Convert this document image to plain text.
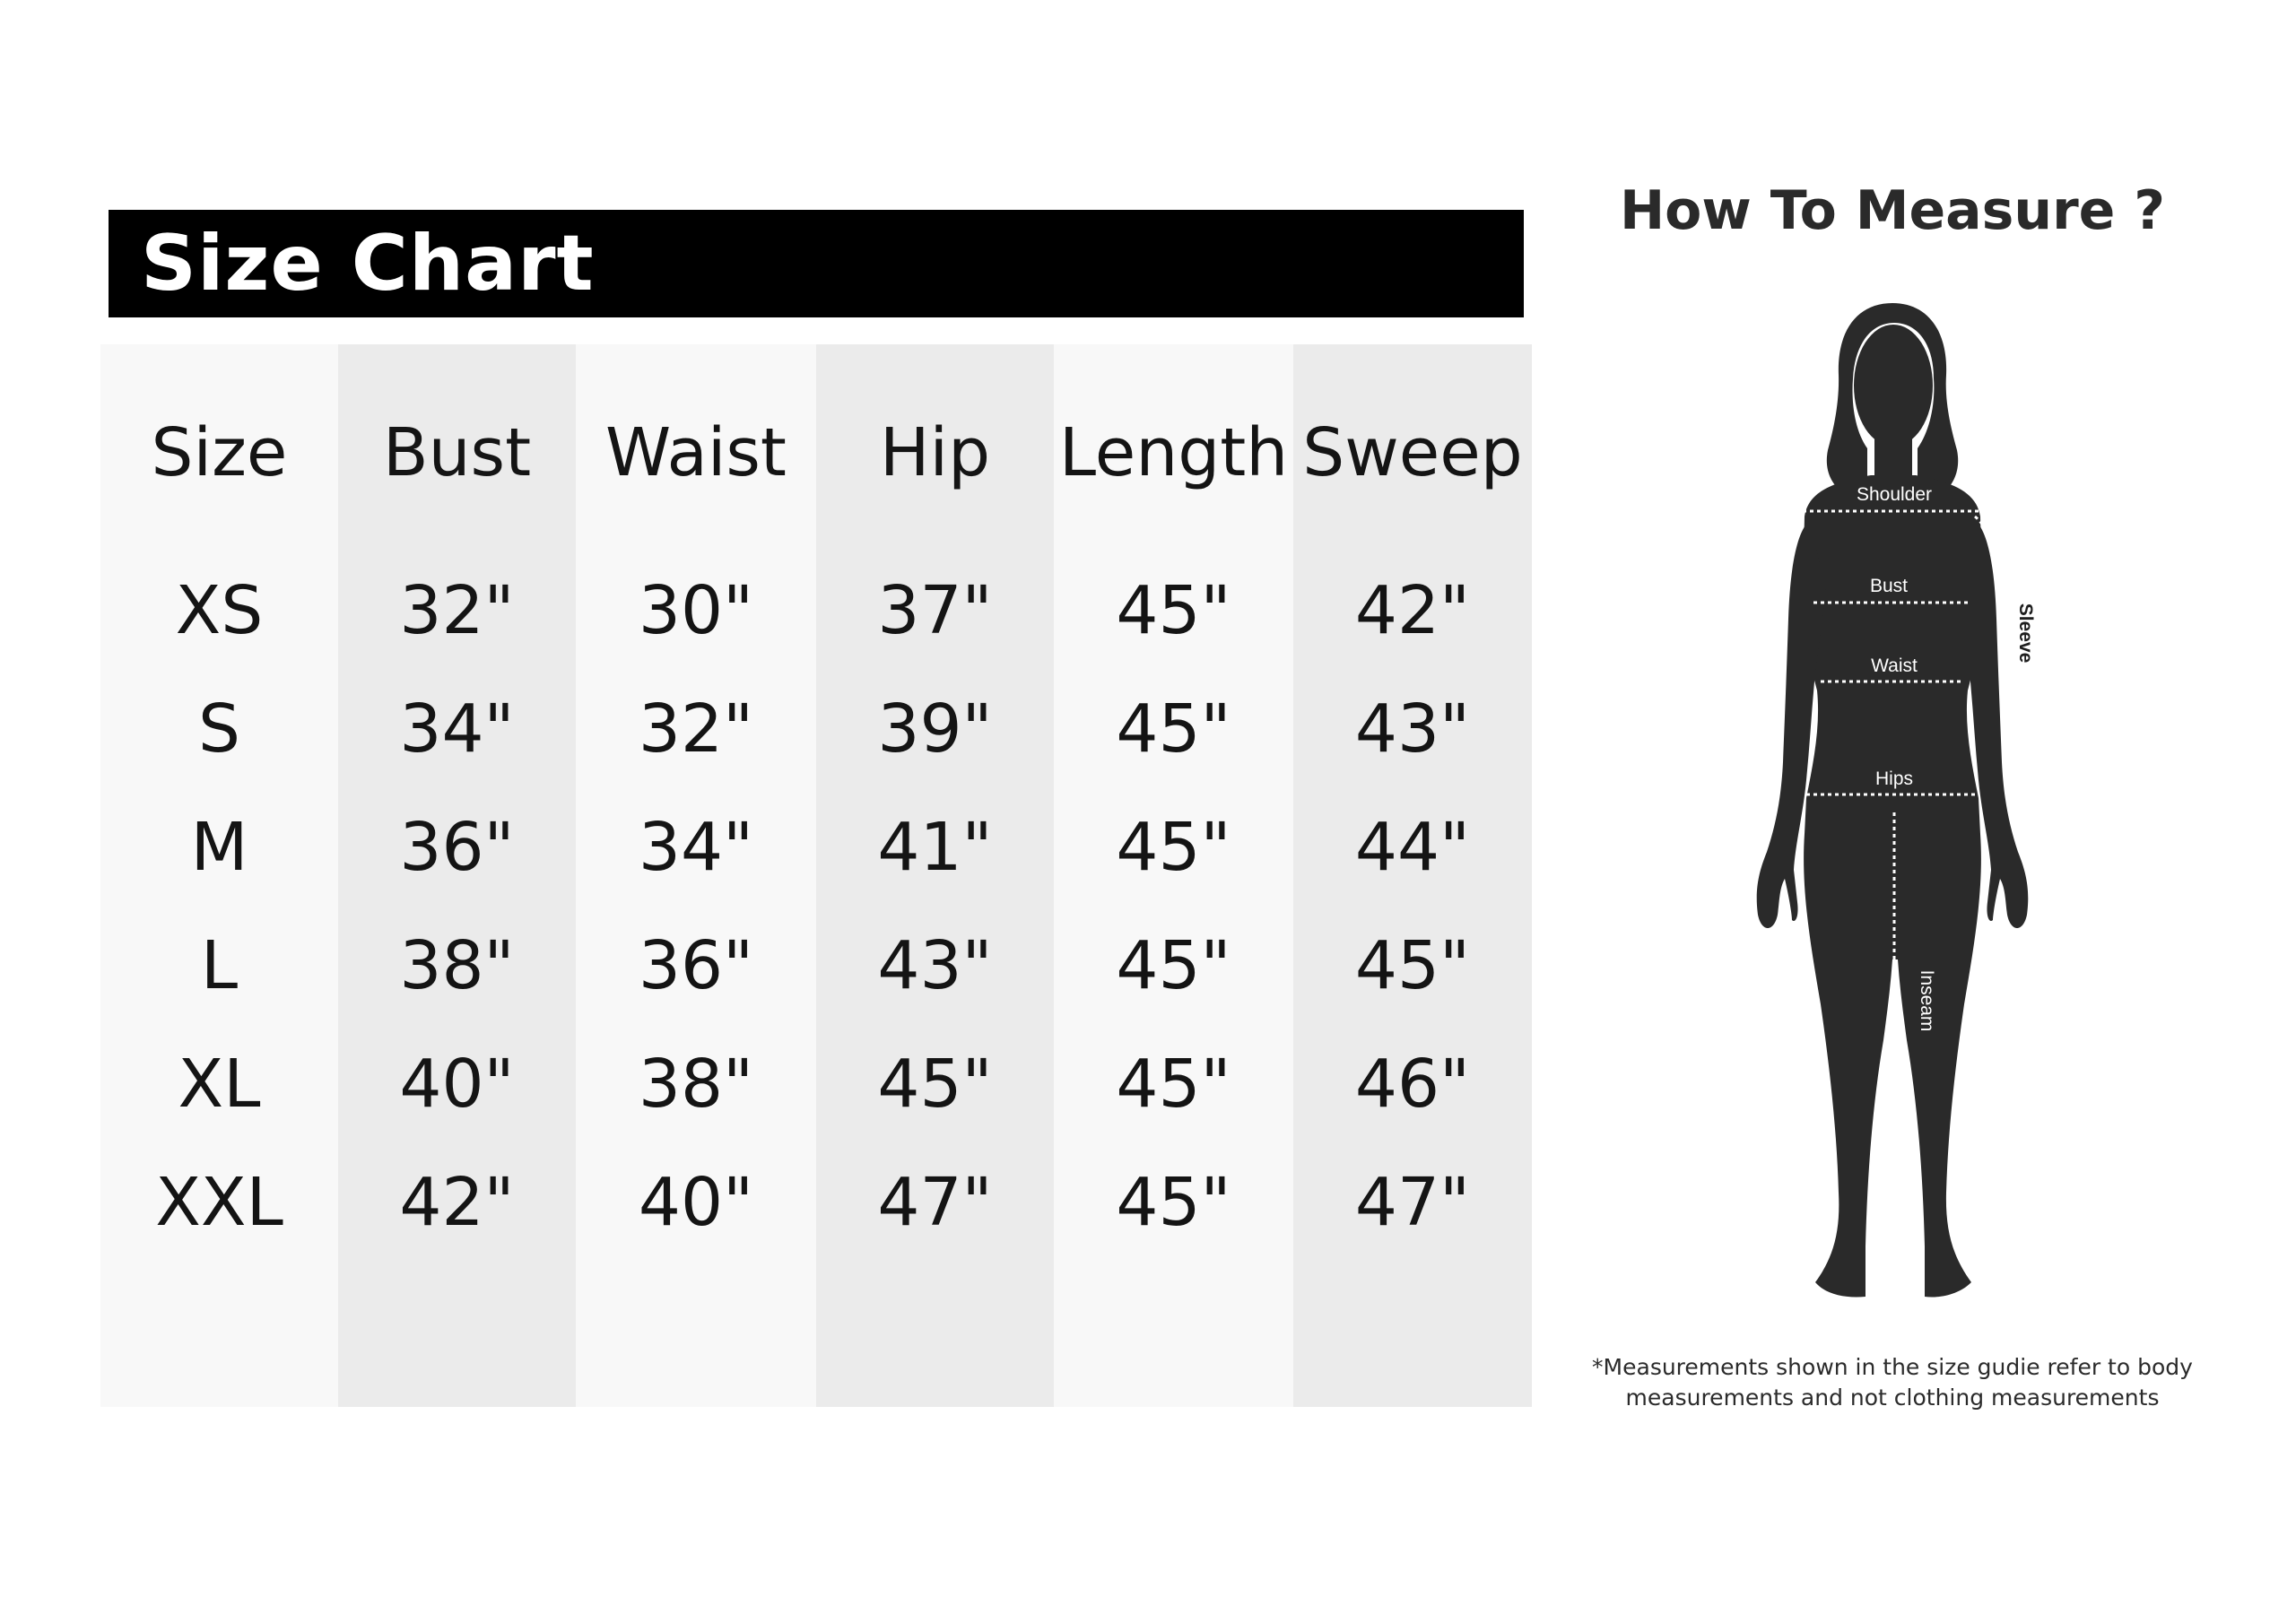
Size Chart
Size
XS
S
M
L
XL
XXL
Bust
32"
34"
36"
38"
40"
42"
Waist
30"
32"
34"
36"
38"
40"
Hip
37"
39"
41"
43"
45"
47"
Length
45"
45"
45"
45"
45"
45"
Sweep
42"
43"
44"
45"
46"
47"
How To Measure ?
Shoulder
Bust
Waist
Hips
Inseam
Sleeve
*Measurements shown in the size gudie refer to body
measurements and not clothing measurements
